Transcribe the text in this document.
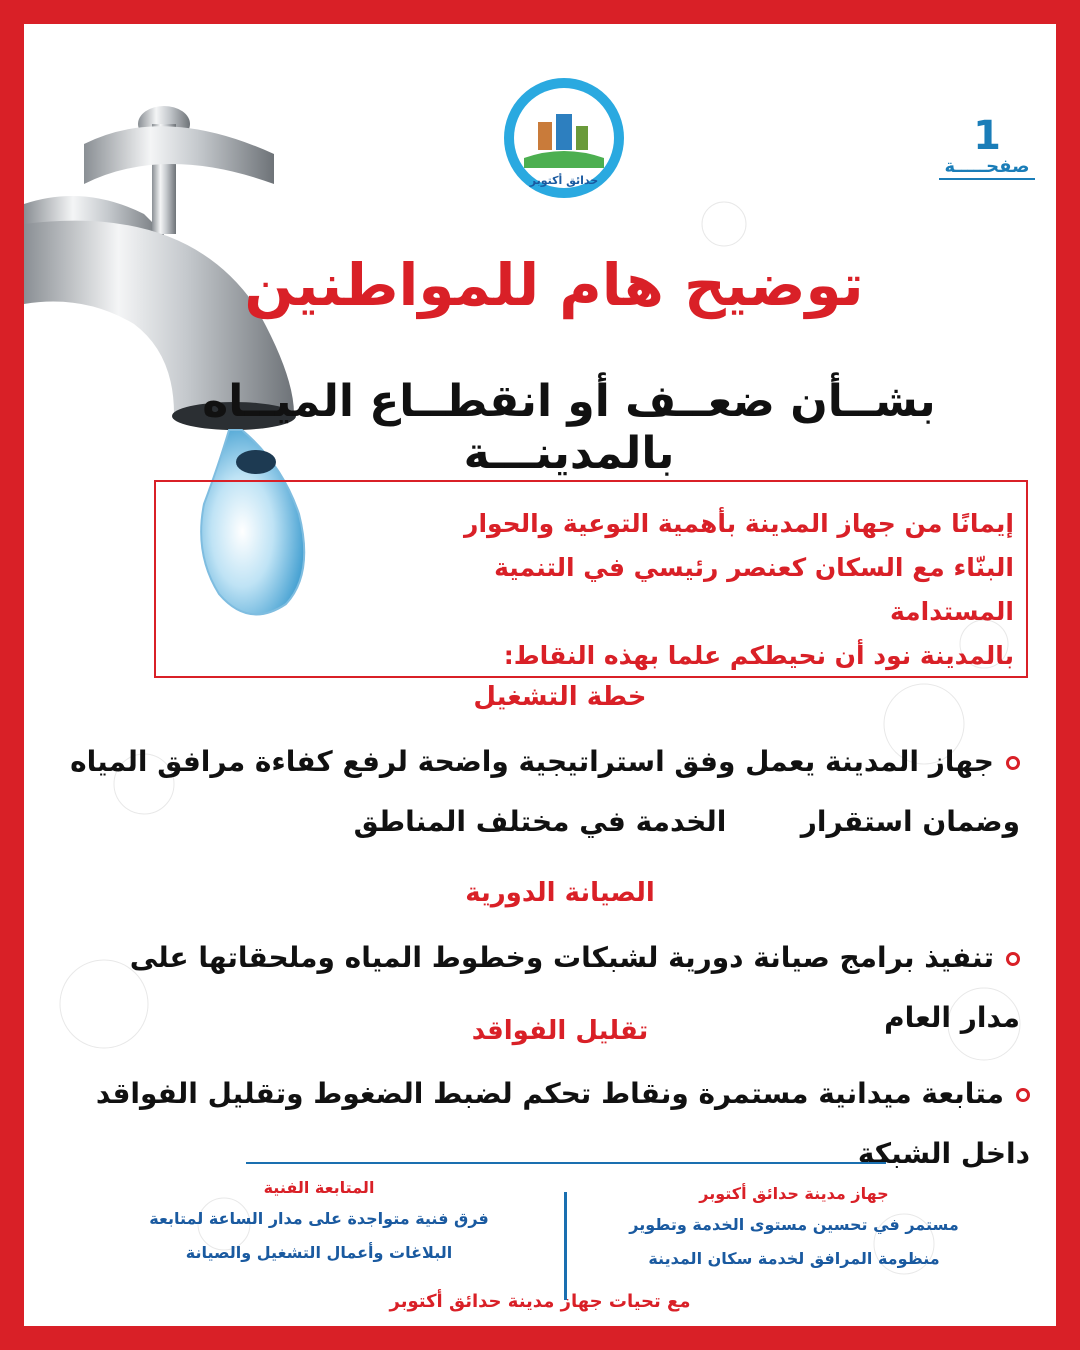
حدائق أكتوبر
1
صفحـــــة
توضيح هام للمواطنين
بشــأن ضعــف أو انقطــاع الميــاه بالمدينـــة
إيمانًا من جهاز المدينة بأهمية التوعية والحوار
البنّاء مع السكان كعنصر رئيسي في التنمية المستدامة
بالمدينة نود أن نحيطكم علما بهذه النقاط:
خطة التشغيل
جهاز المدينة يعمل وفق استراتيجية واضحة لرفع كفاءة مرافق المياه وضمان استقرار
الخدمة في مختلف المناطق
الصيانة الدورية
تنفيذ برامج صيانة دورية لشبكات وخطوط المياه وملحقاتها على مدار العام
تقليل الفواقد
متابعة ميدانية مستمرة ونقاط تحكم لضبط الضغوط وتقليل الفواقد داخل الشبكة
جهاز مدينة حدائق أكتوبر
مستمر في تحسين مستوى الخدمة وتطوير
منظومة المرافق لخدمة سكان المدينة
المتابعة الفنية
فرق فنية متواجدة على مدار الساعة لمتابعة
البلاغات وأعمال التشغيل والصيانة
مع تحيات جهاز مدينة حدائق أكتوبر
